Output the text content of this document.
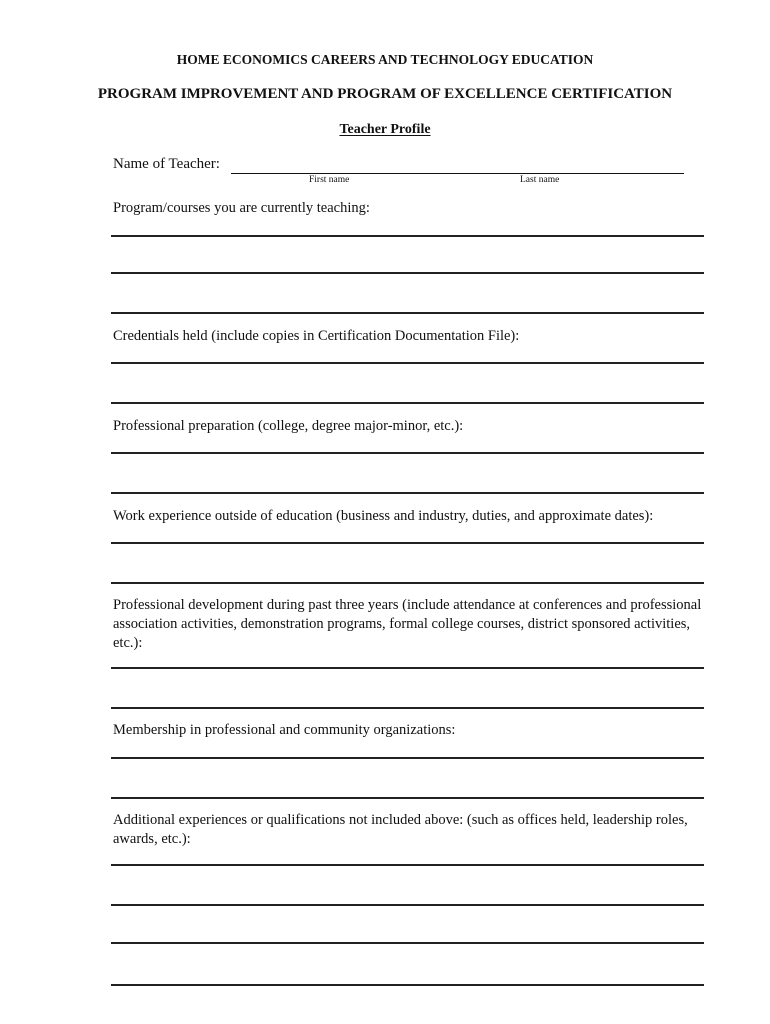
HOME ECONOMICS CAREERS AND TECHNOLOGY EDUCATION
PROGRAM IMPROVEMENT AND PROGRAM OF EXCELLENCE CERTIFICATION
Teacher Profile
Name of Teacher:
First name	Last name
Program/courses you are currently teaching:
Credentials held (include copies in Certification Documentation File):
Professional preparation (college, degree major-minor, etc.):
Work experience outside of education (business and industry, duties, and approximate dates):
Professional development during past three years (include attendance at conferences and professional association activities, demonstration programs, formal college courses, district sponsored activities, etc.):
Membership in professional and community organizations:
Additional experiences or qualifications not included above: (such as offices held, leadership roles, awards, etc.):
